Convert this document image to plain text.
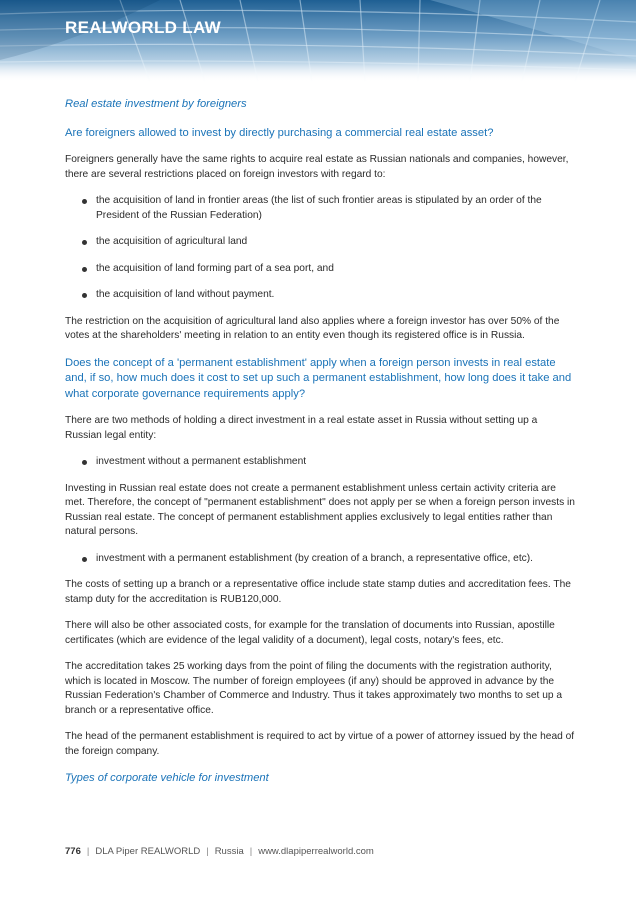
REALWORLD LAW
Real estate investment by foreigners
Are foreigners allowed to invest by directly purchasing a commercial real estate asset?

Foreigners generally have the same rights to acquire real estate as Russian nationals and companies, however, there are several restrictions placed on foreign investors with regard to:

the acquisition of land in frontier areas (the list of such frontier areas is stipulated by an order of the President of the Russian Federation)
the acquisition of agricultural land
the acquisition of land forming part of a sea port, and
the acquisition of land without payment.

The restriction on the acquisition of agricultural land also applies where a foreign investor has over 50% of the votes at the shareholders' meeting in relation to an entity even though its registered office is in Russia.

Does the concept of a 'permanent establishment' apply when a foreign person invests in real estate and, if so, how much does it cost to set up such a permanent establishment, how long does it take and what corporate governance requirements apply?

There are two methods of holding a direct investment in a real estate asset in Russia without setting up a Russian legal entity:

investment without a permanent establishment

Investing in Russian real estate does not create a permanent establishment unless certain activity criteria are met. Therefore, the concept of "permanent establishment" does not apply per se when a foreign person invests in Russian real estate. The concept of permanent establishment applies exclusively to legal entities rather than natural persons.

investment with a permanent establishment (by creation of a branch, a representative office, etc).

The costs of setting up a branch or a representative office include state stamp duties and accreditation fees. The stamp duty for the accreditation is RUB120,000.

There will also be other associated costs, for example for the translation of documents into Russian, apostille certificates (which are evidence of the legal validity of a document), legal costs, notary's fees, etc.

The accreditation takes 25 working days from the point of filing the documents with the registration authority, which is located in Moscow. The number of foreign employees (if any) should be approved in advance by the Russian Federation's Chamber of Commerce and Industry. Thus it takes approximately two months to set up a branch or a representative office.

The head of the permanent establishment is required to act by virtue of a power of attorney issued by the head of the foreign company.

Types of corporate vehicle for investment
776 | DLA Piper REALWORLD | Russia | www.dlapiperrealworld.com
